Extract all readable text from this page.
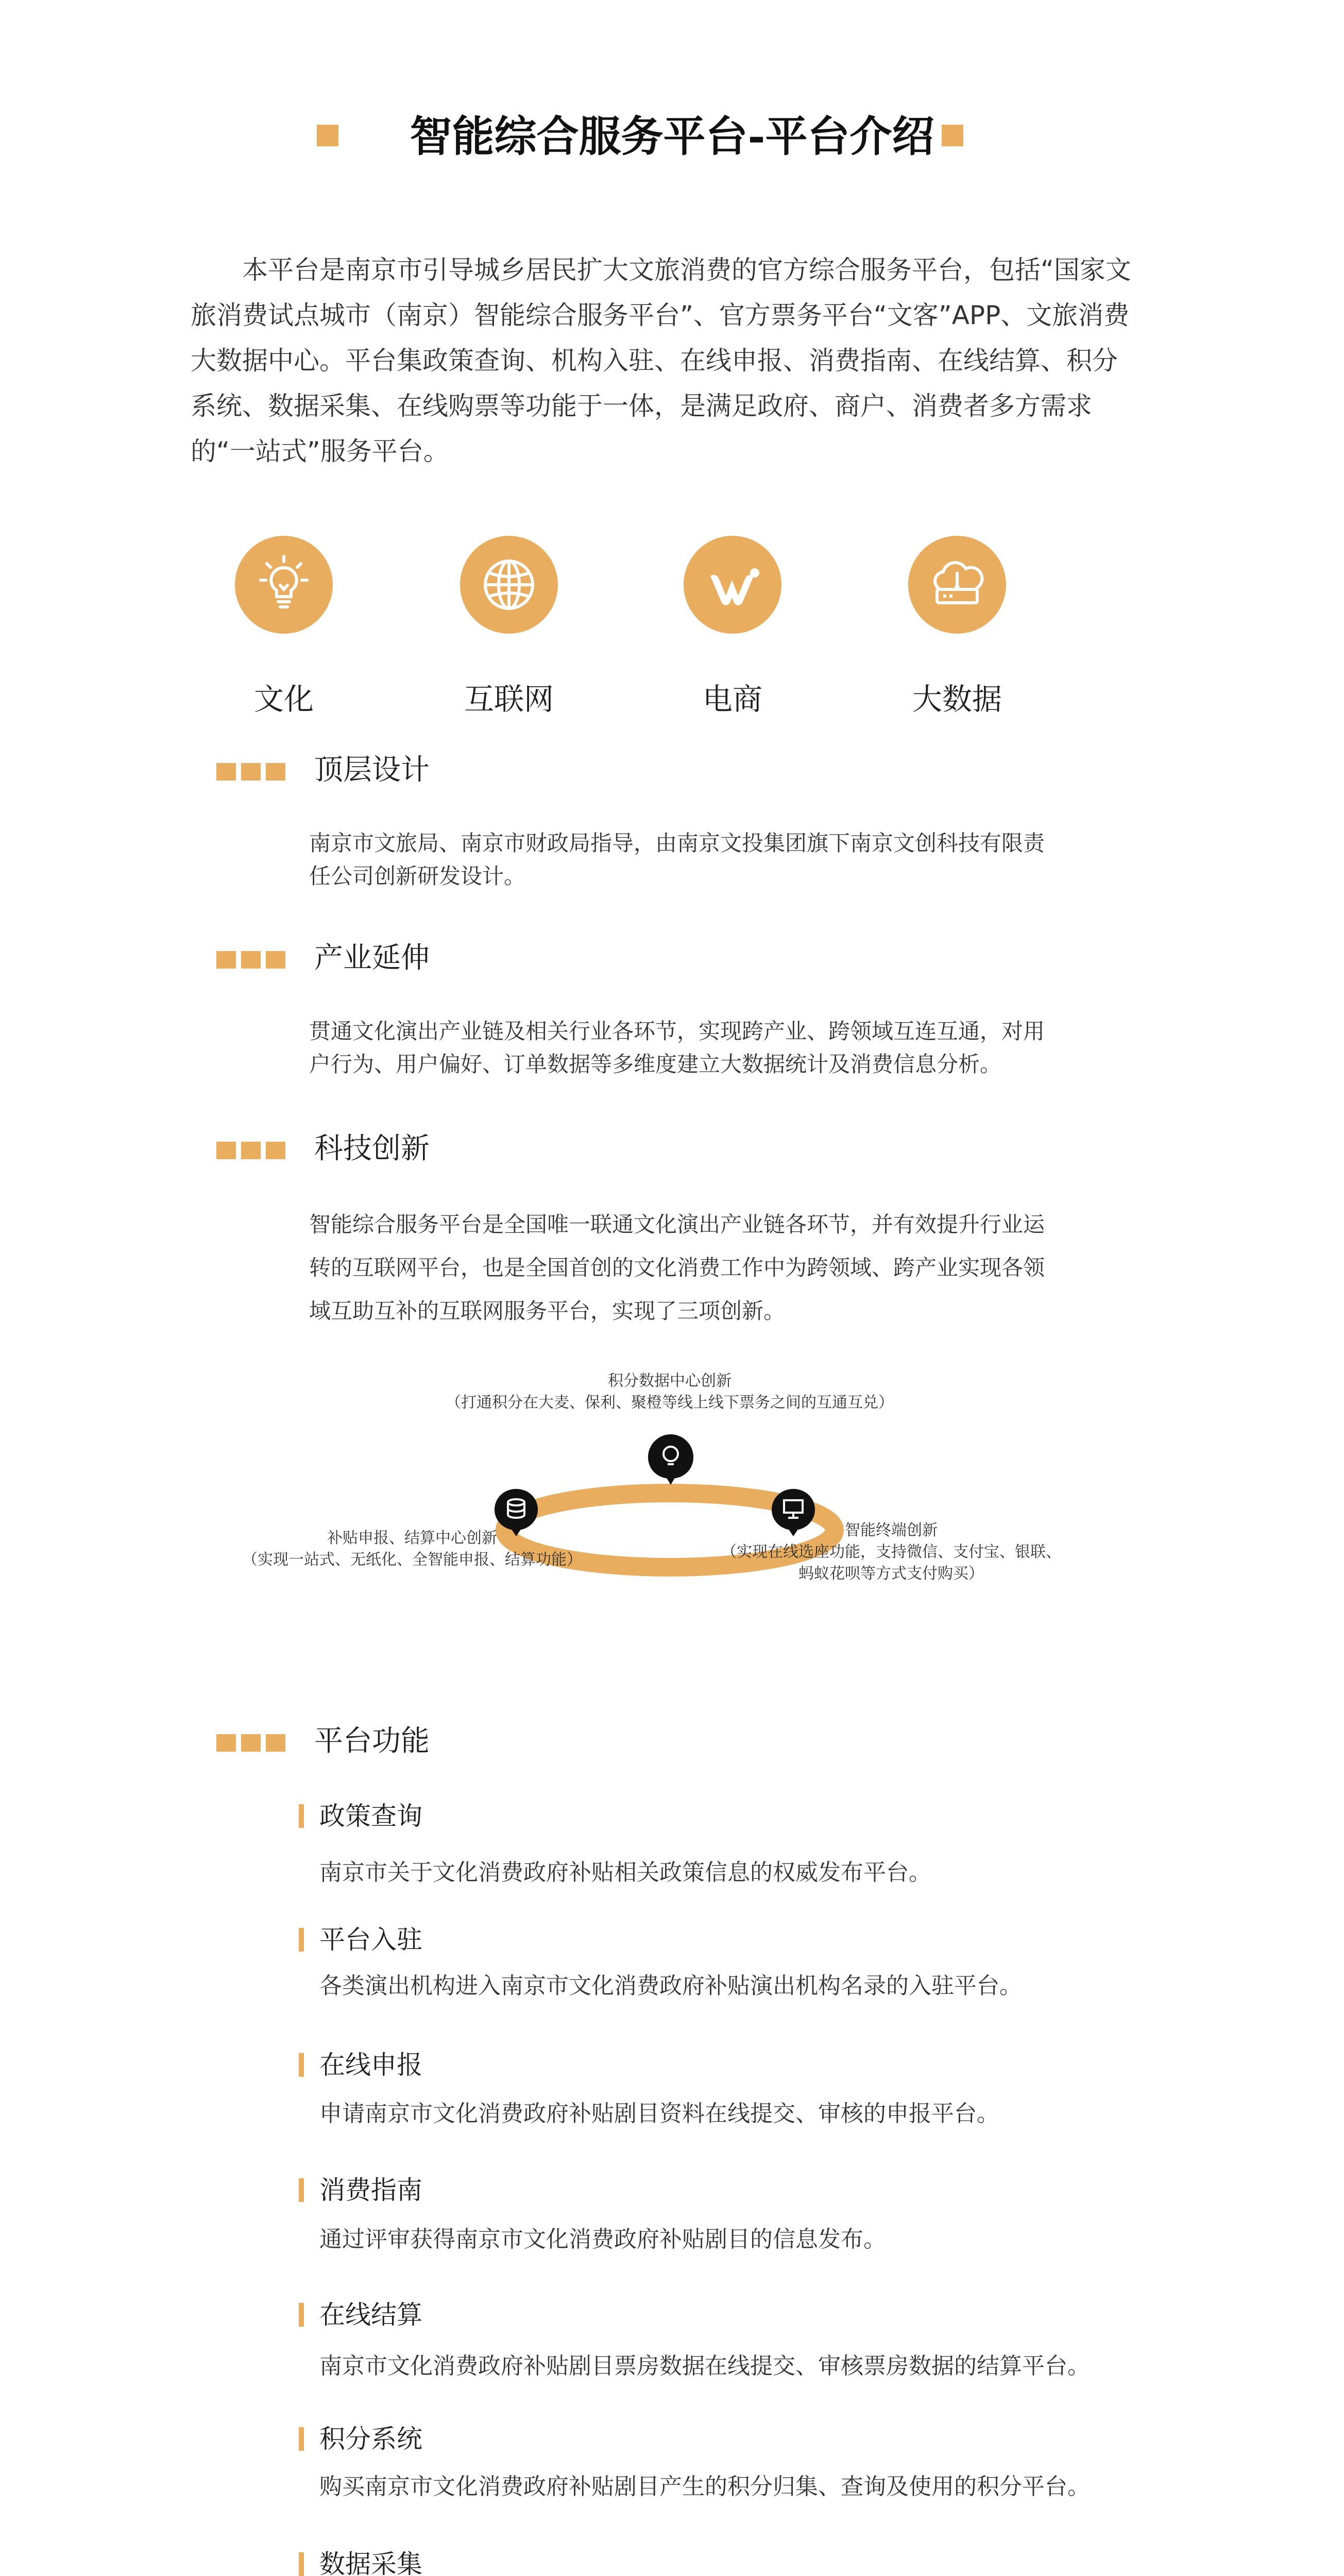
智能综合服务平台-平台介绍
本平台是南京市引导城乡居民扩大文旅消费的官方综合服务平台，包括“国家文旅消费试点城市（南京）智能综合服务平台”、官方票务平台“文客”APP、文旅消费大数据中心。平台集政策查询、机构入驻、在线申报、消费指南、在线结算、积分系统、数据采集、在线购票等功能于一体，是满足政府、商户、消费者多方需求的“一站式”服务平台。
文化	互联网	电商	大数据
顶层设计
南京市文旅局、南京市财政局指导，由南京文投集团旗下南京文创科技有限责任公司创新研发设计。
产业延伸
贯通文化演出产业链及相关行业各环节，实现跨产业、跨领域互连互通，对用户行为、用户偏好、订单数据等多维度建立大数据统计及消费信息分析。
科技创新
智能综合服务平台是全国唯一联通文化演出产业链各环节，并有效提升行业运转的互联网平台，也是全国首创的文化消费工作中为跨领域、跨产业实现各领域互助互补的互联网服务平台，实现了三项创新。
积分数据中心创新
（打通积分在大麦、保利、聚橙等线上线下票务之间的互通互兑）
补贴申报、结算中心创新
（实现一站式、无纸化、全智能申报、结算功能）
智能终端创新
（实现在线选座功能，支持微信、支付宝、银联、
蚂蚁花呗等方式支付购买）
平台功能
政策查询
南京市关于文化消费政府补贴相关政策信息的权威发布平台。
平台入驻
各类演出机构进入南京市文化消费政府补贴演出机构名录的入驻平台。
在线申报
申请南京市文化消费政府补贴剧目资料在线提交、审核的申报平台。
消费指南
通过评审获得南京市文化消费政府补贴剧目的信息发布。
在线结算
南京市文化消费政府补贴剧目票房数据在线提交、审核票房数据的结算平台。
积分系统
购买南京市文化消费政府补贴剧目产生的积分归集、查询及使用的积分平台。
数据采集
